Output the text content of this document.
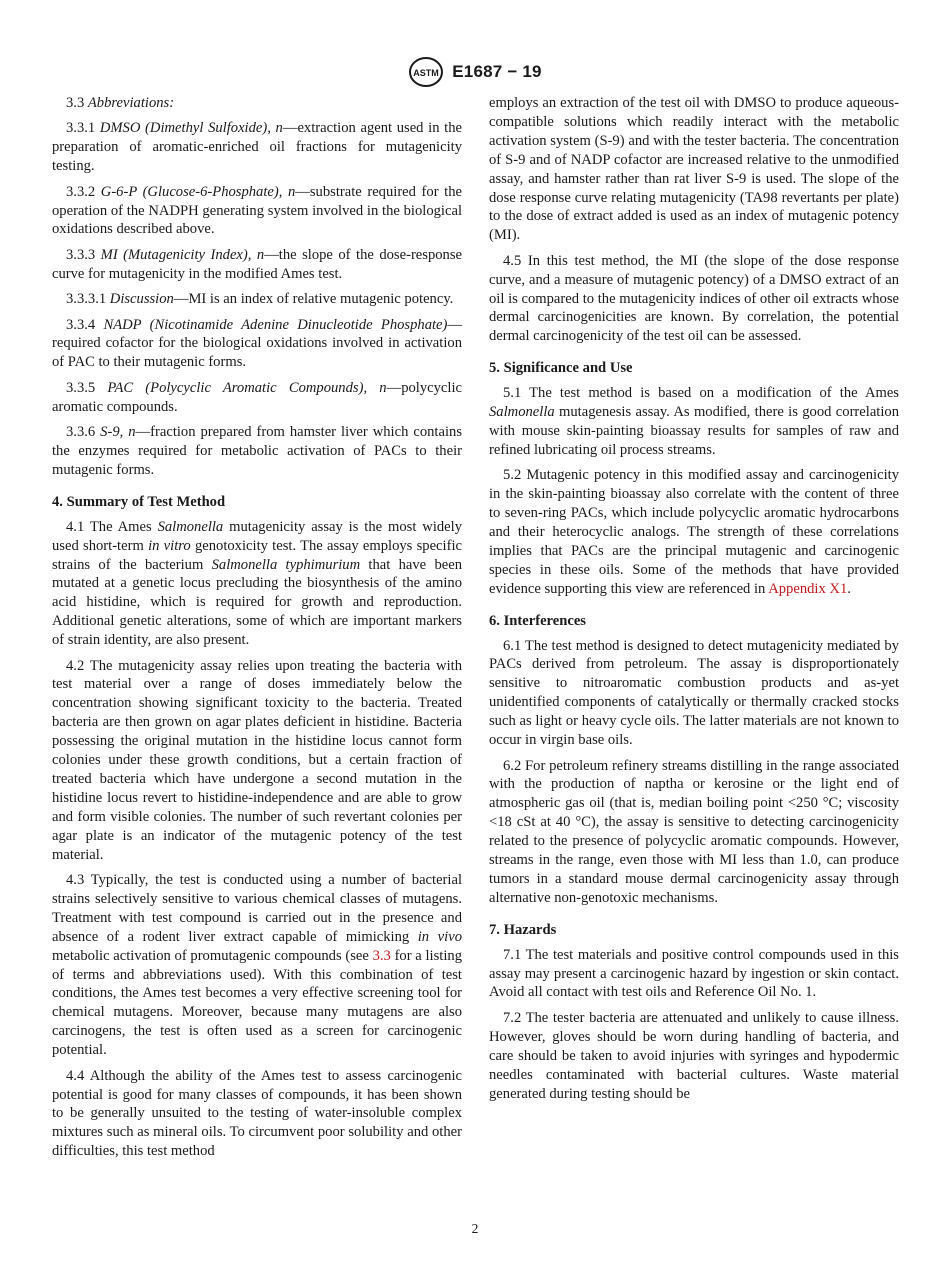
ASTM E1687 − 19

3.3 Abbreviations:

3.3.1 DMSO (Dimethyl Sulfoxide), n—extraction agent used in the preparation of aromatic-enriched oil fractions for mutagenicity testing.

3.3.2 G-6-P (Glucose-6-Phosphate), n—substrate required for the operation of the NADPH generating system involved in the biological oxidations described above.

3.3.3 MI (Mutagenicity Index), n—the slope of the dose-response curve for mutagenicity in the modified Ames test.

3.3.3.1 Discussion—MI is an index of relative mutagenic potency.

3.3.4 NADP (Nicotinamide Adenine Dinucleotide Phosphate)—required cofactor for the biological oxidations involved in activation of PAC to their mutagenic forms.

3.3.5 PAC (Polycyclic Aromatic Compounds), n—polycyclic aromatic compounds.

3.3.6 S-9, n—fraction prepared from hamster liver which contains the enzymes required for metabolic activation of PACs to their mutagenic forms.

4. Summary of Test Method

4.1 The Ames Salmonella mutagenicity assay is the most widely used short-term in vitro genotoxicity test. The assay employs specific strains of the bacterium Salmonella typhimurium that have been mutated at a genetic locus precluding the biosynthesis of the amino acid histidine, which is required for growth and reproduction. Additional genetic alterations, some of which are important markers of strain identity, are also present.

4.2 The mutagenicity assay relies upon treating the bacteria with test material over a range of doses immediately below the concentration showing significant toxicity to the bacteria. Treated bacteria are then grown on agar plates deficient in histidine. Bacteria possessing the original mutation in the histidine locus cannot form colonies under these growth conditions, but a certain fraction of treated bacteria which have undergone a second mutation in the histidine locus revert to histidine-independence and are able to grow and form visible colonies. The number of such revertant colonies per agar plate is an indicator of the mutagenic potency of the test material.

4.3 Typically, the test is conducted using a number of bacterial strains selectively sensitive to various chemical classes of mutagens. Treatment with test compound is carried out in the presence and absence of a rodent liver extract capable of mimicking in vivo metabolic activation of promutagenic compounds (see 3.3 for a listing of terms and abbreviations used). With this combination of test conditions, the Ames test becomes a very effective screening tool for chemical mutagens. Moreover, because many mutagens are also carcinogens, the test is often used as a screen for carcinogenic potential.

4.4 Although the ability of the Ames test to assess carcinogenic potential is good for many classes of compounds, it has been shown to be generally unsuited to the testing of water-insoluble complex mixtures such as mineral oils. To circumvent poor solubility and other difficulties, this test method

employs an extraction of the test oil with DMSO to produce aqueous-compatible solutions which readily interact with the metabolic activation system (S-9) and with the tester bacteria. The concentration of S-9 and of NADP cofactor are increased relative to the unmodified assay, and hamster rather than rat liver S-9 is used. The slope of the dose response curve relating mutagenicity (TA98 revertants per plate) to the dose of extract added is used as an index of mutagenic potency (MI).

4.5 In this test method, the MI (the slope of the dose response curve, and a measure of mutagenic potency) of a DMSO extract of an oil is compared to the mutagenicity indices of other oil extracts whose dermal carcinogenicities are known. By correlation, the potential dermal carcinogenicity of the test oil can be assessed.

5. Significance and Use

5.1 The test method is based on a modification of the Ames Salmonella mutagenesis assay. As modified, there is good correlation with mouse skin-painting bioassay results for samples of raw and refined lubricating oil process streams.

5.2 Mutagenic potency in this modified assay and carcinogenicity in the skin-painting bioassay also correlate with the content of three to seven-ring PACs, which include polycyclic aromatic hydrocarbons and their heterocyclic analogs. The strength of these correlations implies that PACs are the principal mutagenic and carcinogenic species in these oils. Some of the methods that have provided evidence supporting this view are referenced in Appendix X1.

6. Interferences

6.1 The test method is designed to detect mutagenicity mediated by PACs derived from petroleum. The assay is disproportionately sensitive to nitroaromatic combustion products and as-yet unidentified components of catalytically or thermally cracked stocks such as light or heavy cycle oils. The latter materials are not known to occur in virgin base oils.

6.2 For petroleum refinery streams distilling in the range associated with the production of naptha or kerosine or the light end of atmospheric gas oil (that is, median boiling point <250 °C; viscosity <18 cSt at 40 °C), the assay is sensitive to detecting carcinogenicity related to the presence of polycyclic aromatic compounds. However, streams in the range, even those with MI less than 1.0, can produce tumors in a standard mouse dermal carcinogenicity assay through alternative non-genotoxic mechanisms.

7. Hazards

7.1 The test materials and positive control compounds used in this assay may present a carcinogenic hazard by ingestion or skin contact. Avoid all contact with test oils and Reference Oil No. 1.

7.2 The tester bacteria are attenuated and unlikely to cause illness. However, gloves should be worn during handling of bacteria, and care should be taken to avoid injuries with syringes and hypodermic needles contaminated with bacterial cultures. Waste material generated during testing should be

2
